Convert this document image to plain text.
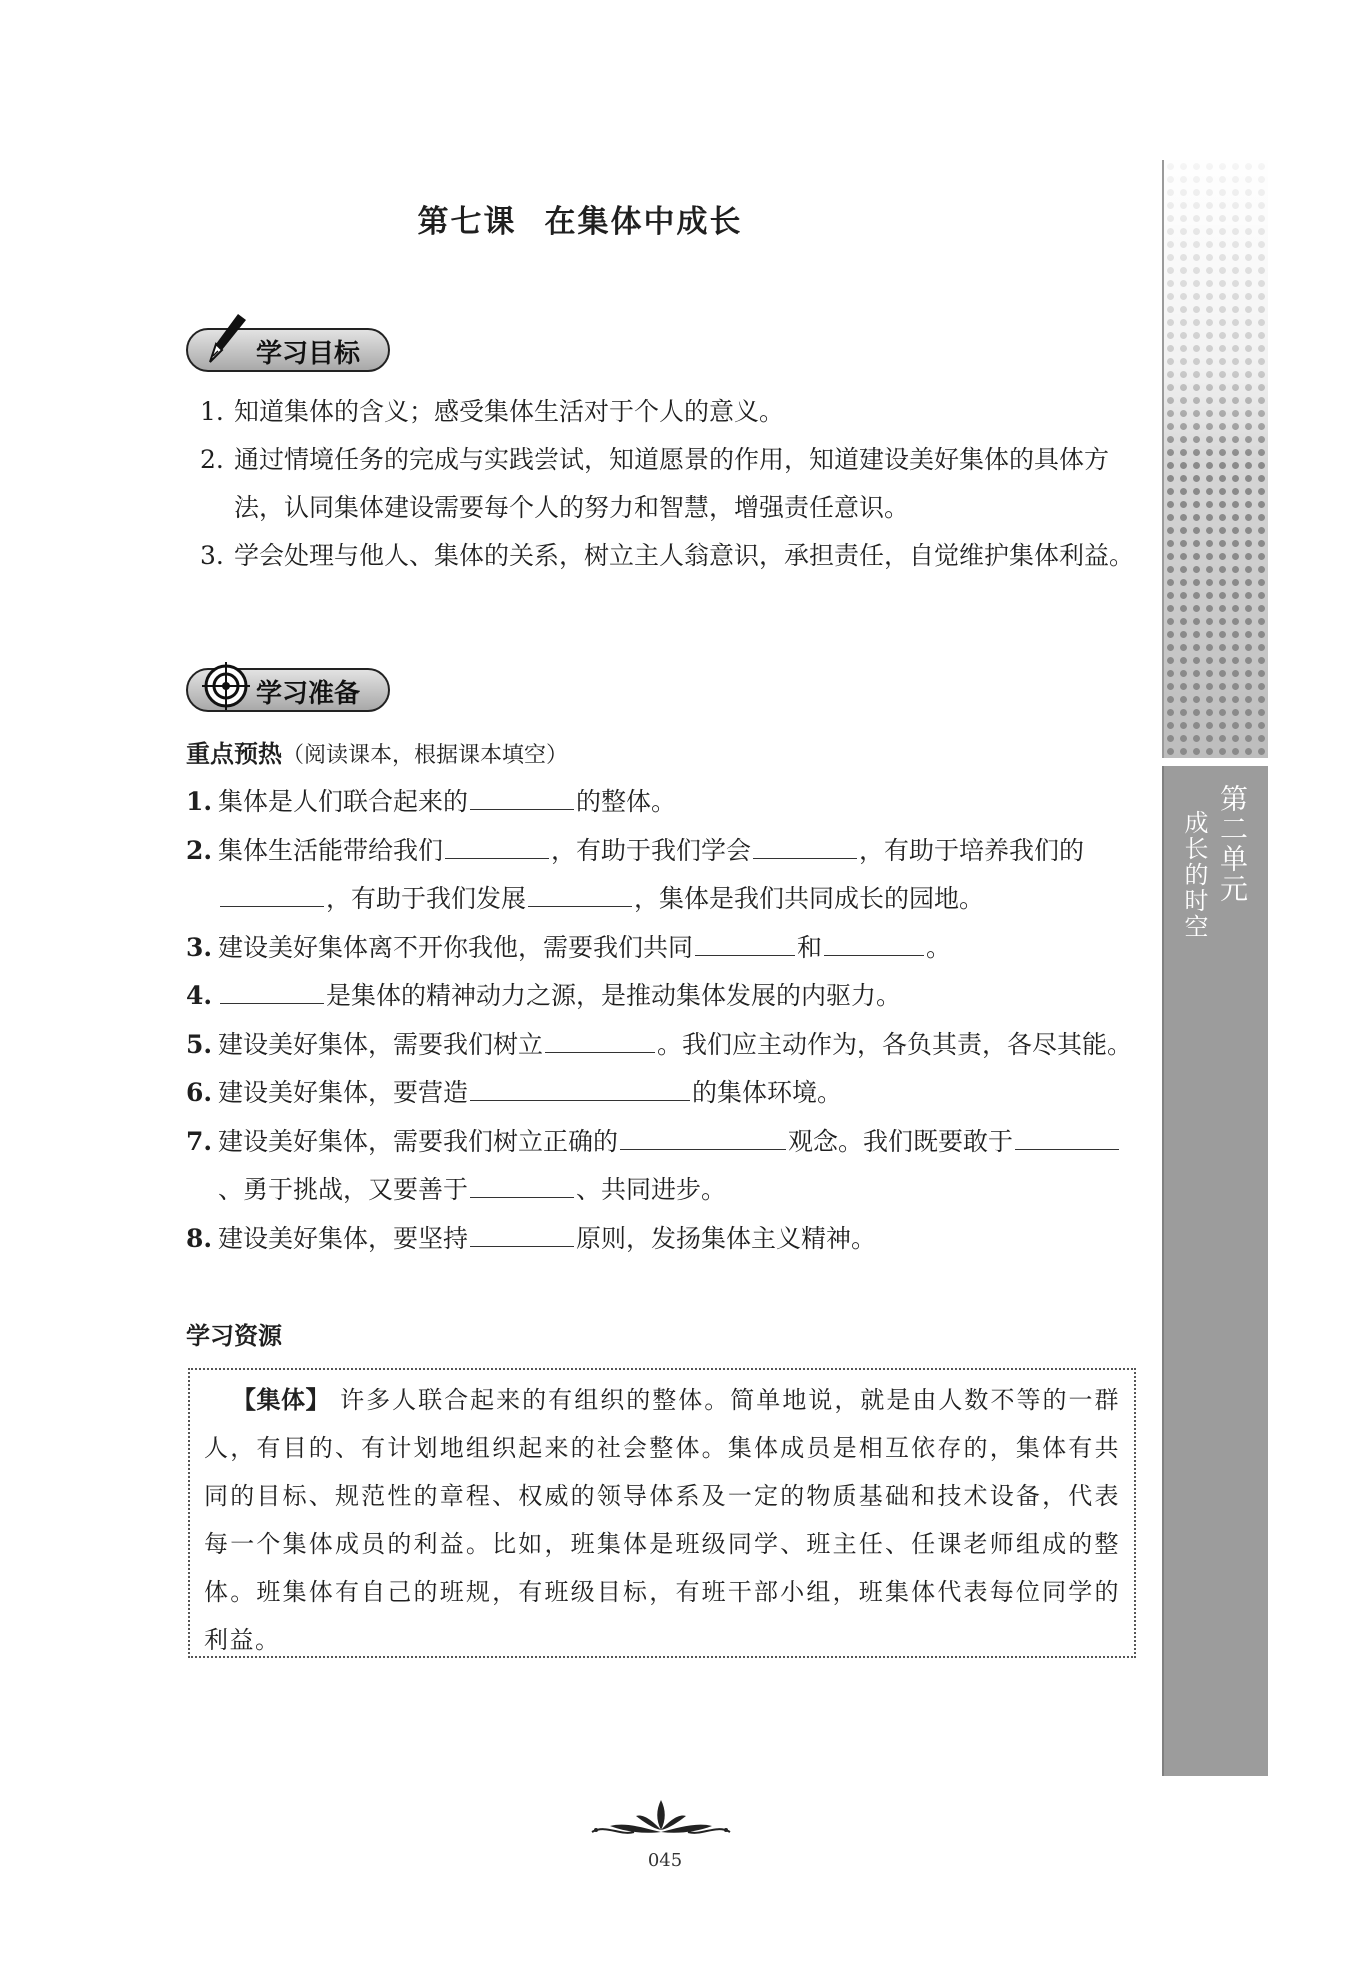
第二单元
成长的时空
第七课 在集体中成长
学习目标
1. 知道集体的含义；感受集体生活对于个人的意义。
2. 通过情境任务的完成与实践尝试，知道愿景的作用，知道建设美好集体的具体方法，认同集体建设需要每个人的努力和智慧，增强责任意识。
3. 学会处理与他人、集体的关系，树立主人翁意识，承担责任，自觉维护集体利益。
学习准备
重点预热（阅读课本，根据课本填空）
1. 集体是人们联合起来的	的整体。
2. 集体生活能带给我们	，有助于我们学会	，有助于培养我们的，有助于我们发展	，集体是我们共同成长的园地。
3. 建设美好集体离不开你我他，需要我们共同	和	。
4.	是集体的精神动力之源，是推动集体发展的内驱力。
5. 建设美好集体，需要我们树立	。我们应主动作为，各负其责，各尽其能。
6. 建设美好集体，要营造	的集体环境。
7. 建设美好集体，需要我们树立正确的	观念。我们既要敢于、勇于挑战，又要善于	、共同进步。
8. 建设美好集体，要坚持	原则，发扬集体主义精神。
学习资源
【集体】 许多人联合起来的有组织的整体。简单地说，就是由人数不等的一群人，有目的、有计划地组织起来的社会整体。集体成员是相互依存的，集体有共同的目标、规范性的章程、权威的领导体系及一定的物质基础和技术设备，代表每一个集体成员的利益。比如，班集体是班级同学、班主任、任课老师组成的整体。班集体有自己的班规，有班级目标，有班干部小组，班集体代表每位同学的利益。
045
